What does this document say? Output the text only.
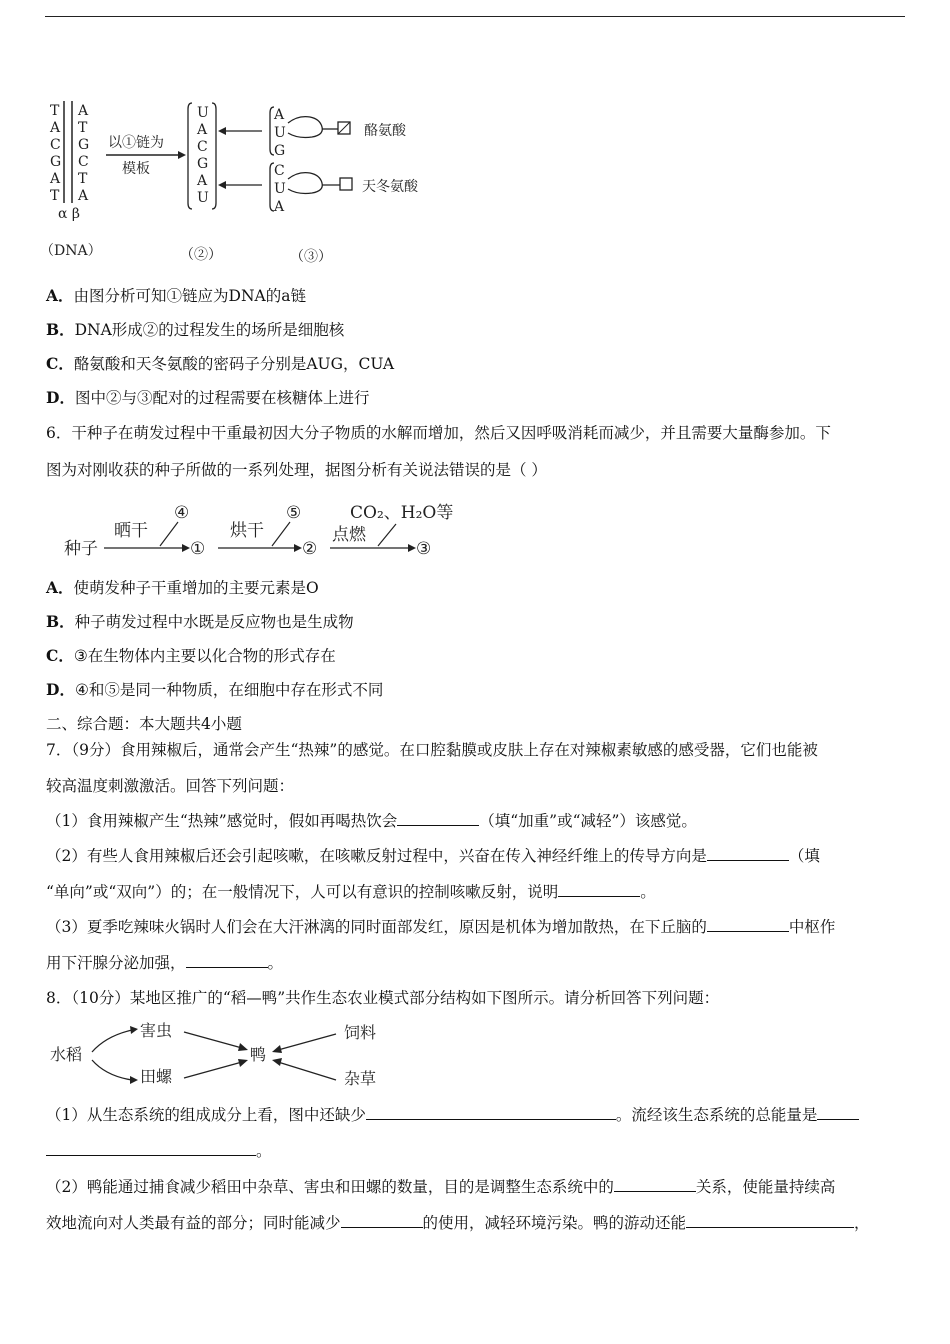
T
A
C
G
A
T
A
T
G
C
T
A
α β
以①链为
模板
U
A
C
G
A
U
A
U
G
酪氨酸
C
U
A
天冬氨酸
（DNA）	（②）	（③）
A．由图分析可知①链应为DNA的a链
B．DNA形成②的过程发生的场所是细胞核
C．酪氨酸和天冬氨酸的密码子分别是AUG，CUA
D．图中②与③配对的过程需要在核糖体上进行
6．干种子在萌发过程中干重最初因大分子物质的水解而增加，然后又因呼吸消耗而减少，并且需要大量酶参加。下
图为对刚收获的种子所做的一系列处理，据图分析有关说法错误的是（ ）
种子
晒干
④
①
烘干
⑤
②
CO₂、H₂O等
点燃
③
A．使萌发种子干重增加的主要元素是O
B．种子萌发过程中水既是反应物也是生成物
C．③在生物体内主要以化合物的形式存在
D．④和⑤是同一种物质，在细胞中存在形式不同
二、综合题：本大题共4小题
7．（9分）食用辣椒后，通常会产生“热辣”的感觉。在口腔黏膜或皮肤上存在对辣椒素敏感的感受器，它们也能被
较高温度刺激激活。回答下列问题：
（1）食用辣椒产生“热辣”感觉时，假如再喝热饮会	（填“加重”或“减轻”）该感觉。
（2）有些人食用辣椒后还会引起咳嗽，在咳嗽反射过程中，兴奋在传入神经纤维上的传导方向是	（填
“单向”或“双向”）的；在一般情况下，人可以有意识的控制咳嗽反射，说明	。
（3）夏季吃辣味火锅时人们会在大汗淋漓的同时面部发红，原因是机体为增加散热，在下丘脑的	中枢作
用下汗腺分泌加强，	。
8．（10分）某地区推广的“稻—鸭”共作生态农业模式部分结构如下图所示。请分析回答下列问题：
水稻
害虫
田螺
鸭
饲料
杂草
（1）从生态系统的组成成分上看，图中还缺少	。流经该生态系统的总能量是
。
（2）鸭能通过捕食减少稻田中杂草、害虫和田螺的数量，目的是调整生态系统中的	关系，使能量持续高
效地流向对人类最有益的部分；同时能减少	的使用，减轻环境污染。鸭的游动还能	，
